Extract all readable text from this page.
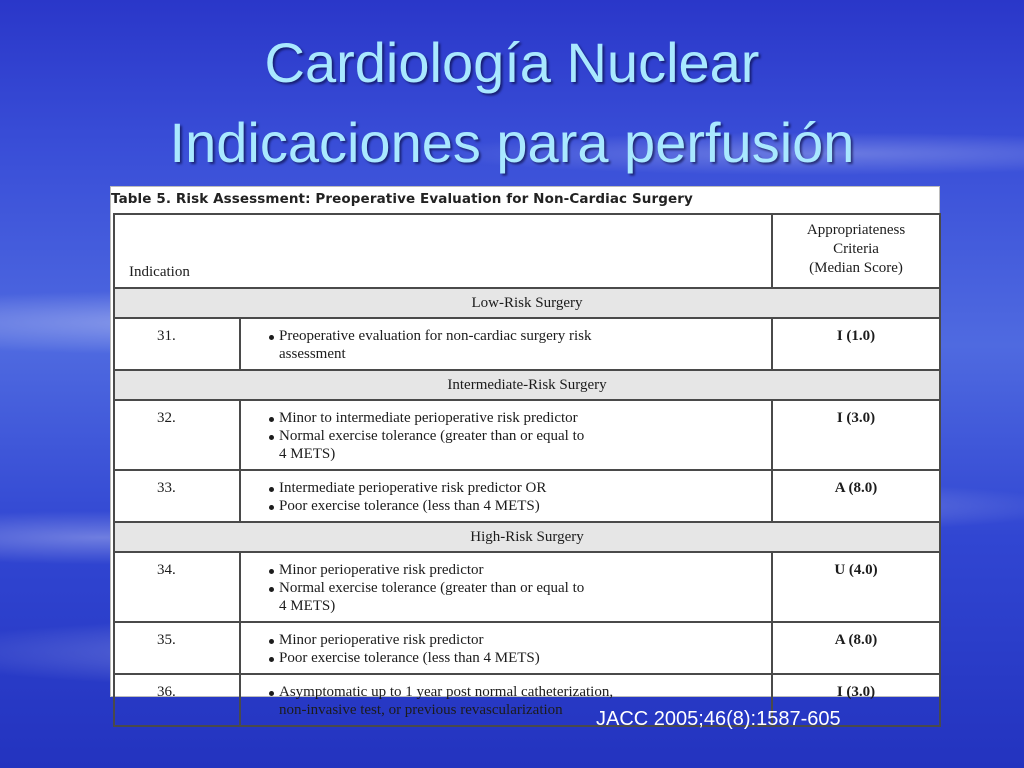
Cardiología Nuclear
Indicaciones para perfusión
Table 5. Risk Assessment: Preoperative Evaluation for Non-Cardiac Surgery
Indication		Appropriateness
Criteria
(Median Score)

Low-Risk Surgery		
31.	Preoperative evaluation for non-cardiac surgery risk
assessment	I (1.0)
Intermediate-Risk Surgery		
32.	Minor to intermediate perioperative risk predictor
Normal exercise tolerance (greater than or equal to
4 METS)	I (3.0)
33.	Intermediate perioperative risk predictor OR
Poor exercise tolerance (less than 4 METS)	A (8.0)
High-Risk Surgery		
34.	Minor perioperative risk predictor
Normal exercise tolerance (greater than or equal to
4 METS)	U (4.0)
35.	Minor perioperative risk predictor
Poor exercise tolerance (less than 4 METS)	A (8.0)
36.	Asymptomatic up to 1 year post normal catheterization,
non-invasive test, or previous revascularization	I (3.0)
JACC 2005;46(8):1587-605
